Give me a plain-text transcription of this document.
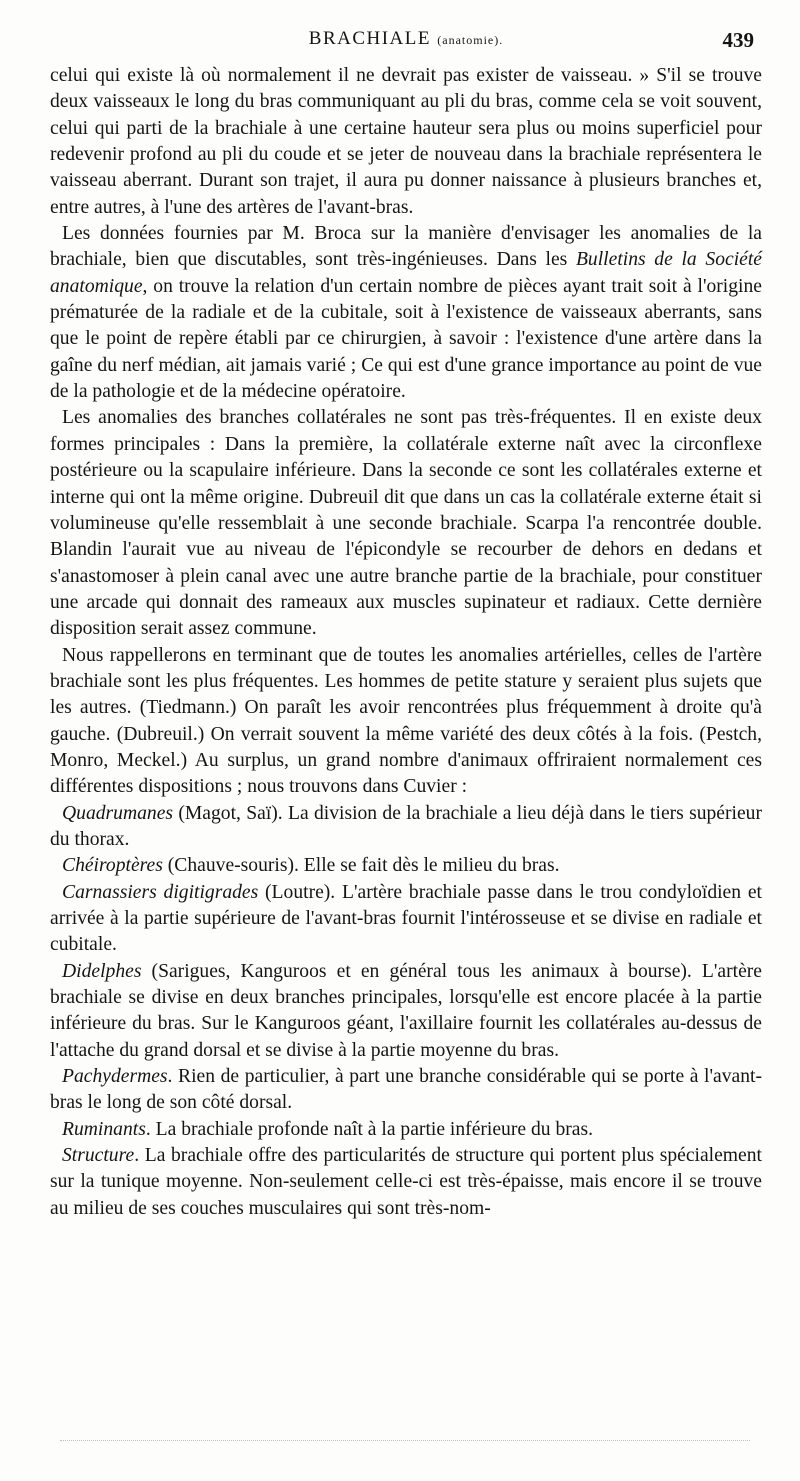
BRACHIALE (anatomie).	439

celui qui existe là où normalement il ne devrait pas exister de vaisseau. » S'il se trouve deux vaisseaux le long du bras communiquant au pli du bras, comme cela se voit souvent, celui qui parti de la brachiale à une certaine hauteur sera plus ou moins superficiel pour redevenir profond au pli du coude et se jeter de nouveau dans la brachiale représentera le vaisseau aberrant. Durant son trajet, il aura pu donner naissance à plusieurs branches et, entre autres, à l'une des artères de l'avant-bras.

Les données fournies par M. Broca sur la manière d'envisager les anomalies de la brachiale, bien que discutables, sont très-ingénieuses. Dans les Bulletins de la Société anatomique, on trouve la relation d'un certain nombre de pièces ayant trait soit à l'origine prématurée de la radiale et de la cubitale, soit à l'existence de vaisseaux aberrants, sans que le point de repère établi par ce chirurgien, à savoir : l'existence d'une artère dans la gaîne du nerf médian, ait jamais varié ; Ce qui est d'une grance importance au point de vue de la pathologie et de la médecine opératoire.

Les anomalies des branches collatérales ne sont pas très-fréquentes. Il en existe deux formes principales : Dans la première, la collatérale externe naît avec la circonflexe postérieure ou la scapulaire inférieure. Dans la seconde ce sont les collatérales externe et interne qui ont la même origine. Dubreuil dit que dans un cas la collatérale externe était si volumineuse qu'elle ressemblait à une seconde brachiale. Scarpa l'a rencontrée double. Blandin l'aurait vue au niveau de l'épicondyle se recourber de dehors en dedans et s'anastomoser à plein canal avec une autre branche partie de la brachiale, pour constituer une arcade qui donnait des rameaux aux muscles supinateur et radiaux. Cette dernière disposition serait assez commune.

Nous rappellerons en terminant que de toutes les anomalies artérielles, celles de l'artère brachiale sont les plus fréquentes. Les hommes de petite stature y seraient plus sujets que les autres. (Tiedmann.) On paraît les avoir rencontrées plus fréquemment à droite qu'à gauche. (Dubreuil.) On verrait souvent la même variété des deux côtés à la fois. (Pestch, Monro, Meckel.) Au surplus, un grand nombre d'animaux offriraient normalement ces différentes dispositions ; nous trouvons dans Cuvier :

Quadrumanes (Magot, Saï). La division de la brachiale a lieu déjà dans le tiers supérieur du thorax.

Chéiroptères (Chauve-souris). Elle se fait dès le milieu du bras.

Carnassiers digitigrades (Loutre). L'artère brachiale passe dans le trou condyloïdien et arrivée à la partie supérieure de l'avant-bras fournit l'intérosseuse et se divise en radiale et cubitale.

Didelphes (Sarigues, Kanguroos et en général tous les animaux à bourse). L'artère brachiale se divise en deux branches principales, lorsqu'elle est encore placée à la partie inférieure du bras. Sur le Kanguroos géant, l'axillaire fournit les collatérales au-dessus de l'attache du grand dorsal et se divise à la partie moyenne du bras.

Pachydermes. Rien de particulier, à part une branche considérable qui se porte à l'avant-bras le long de son côté dorsal.

Ruminants. La brachiale profonde naît à la partie inférieure du bras.

Structure. La brachiale offre des particularités de structure qui portent plus spécialement sur la tunique moyenne. Non-seulement celle-ci est très-épaisse, mais encore il se trouve au milieu de ses couches musculaires qui sont très-nom-
